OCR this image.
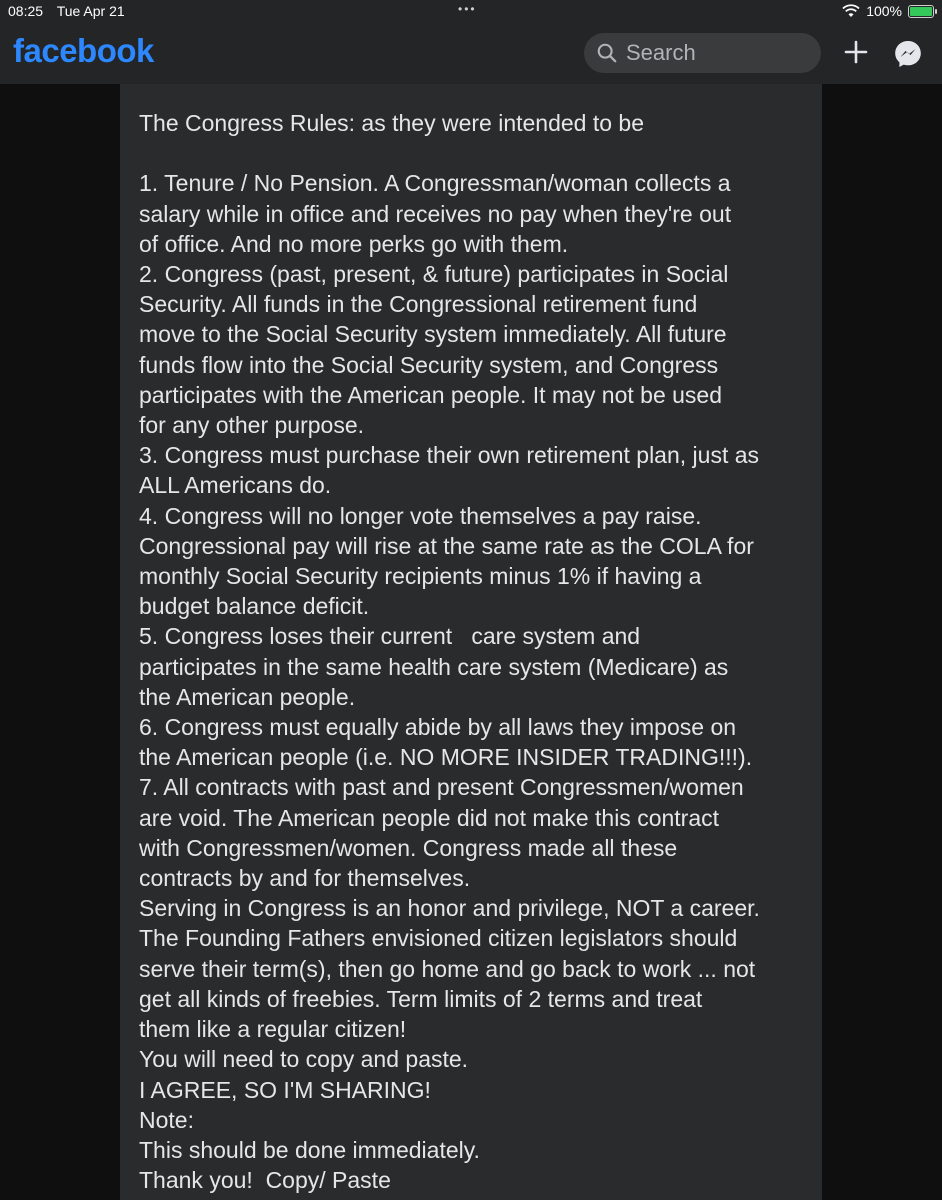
08:25 Tue Apr 21	•••	100%
facebook	Search
The Congress Rules: as they were intended to be

1. Tenure / No Pension. A Congressman/woman collects a
salary while in office and receives no pay when they're out
of office. And no more perks go with them.
2. Congress (past, present, & future) participates in Social
Security. All funds in the Congressional retirement fund
move to the Social Security system immediately. All future
funds flow into the Social Security system, and Congress
participates with the American people. It may not be used
for any other purpose.
3. Congress must purchase their own retirement plan, just as
ALL Americans do.
4. Congress will no longer vote themselves a pay raise.
Congressional pay will rise at the same rate as the COLA for
monthly Social Security recipients minus 1% if having a
budget balance deficit.
5. Congress loses their current   care system and
participates in the same health care system (Medicare) as
the American people.
6. Congress must equally abide by all laws they impose on
the American people (i.e. NO MORE INSIDER TRADING!!!).
7. All contracts with past and present Congressmen/women
are void. The American people did not make this contract
with Congressmen/women. Congress made all these
contracts by and for themselves.
Serving in Congress is an honor and privilege, NOT a career.
The Founding Fathers envisioned citizen legislators should
serve their term(s), then go home and go back to work ... not
get all kinds of freebies. Term limits of 2 terms and treat
them like a regular citizen!
You will need to copy and paste.
I AGREE, SO I'M SHARING!
Note:
This should be done immediately.
Thank you!  Copy/ Paste
